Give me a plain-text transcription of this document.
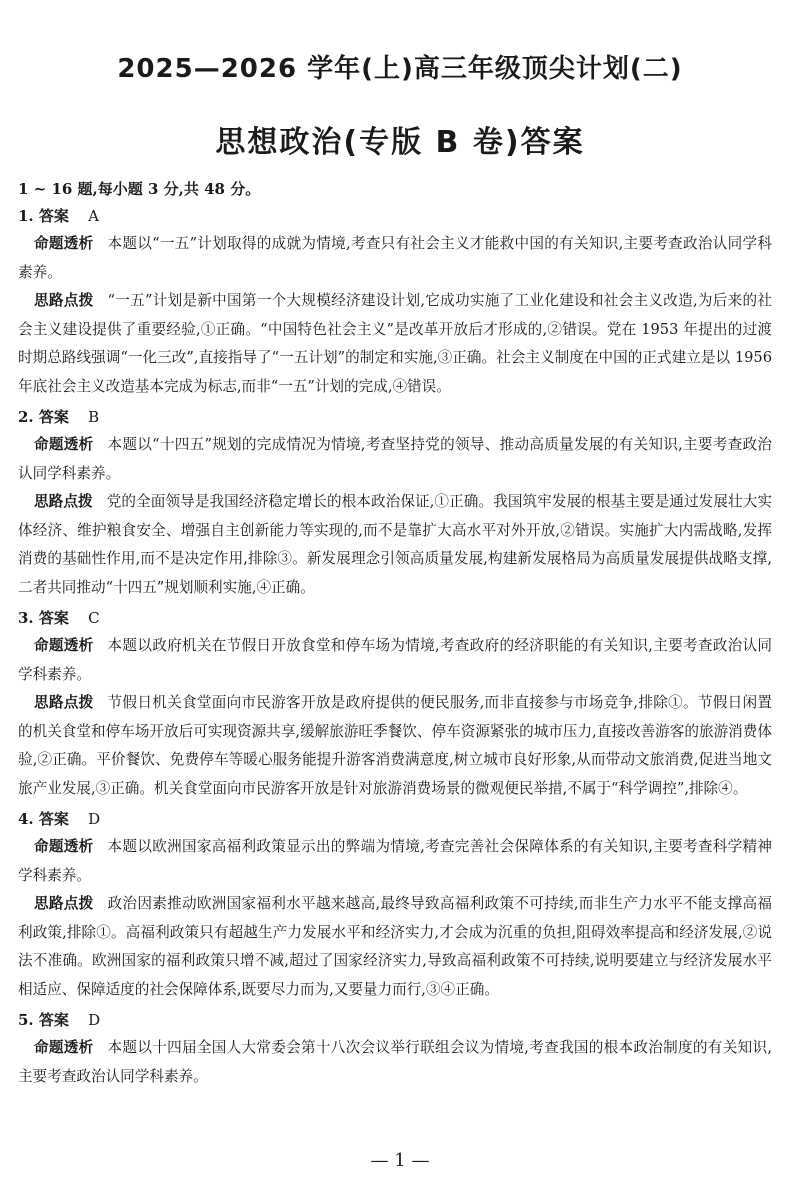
2025—2026 学年(上)高三年级顶尖计划(二)
思想政治(专版 B 卷)答案
1 ~ 16 题,每小题 3 分,共 48 分。
1. 答案 A

命题透析 本题以“一五”计划取得的成就为情境,考查只有社会主义才能救中国的有关知识,主要考查政治认同学科素养。

思路点拨 “一五”计划是新中国第一个大规模经济建设计划,它成功实施了工业化建设和社会主义改造,为后来的社会主义建设提供了重要经验,①正确。“中国特色社会主义”是改革开放后才形成的,②错误。党在 1953 年提出的过渡时期总路线强调“一化三改”,直接指导了“一五计划”的制定和实施,③正确。社会主义制度在中国的正式建立是以 1956 年底社会主义改造基本完成为标志,而非“一五”计划的完成,④错误。

2. 答案 B

命题透析 本题以“十四五”规划的完成情况为情境,考查坚持党的领导、推动高质量发展的有关知识,主要考查政治认同学科素养。

思路点拨 党的全面领导是我国经济稳定增长的根本政治保证,①正确。我国筑牢发展的根基主要是通过发展壮大实体经济、维护粮食安全、增强自主创新能力等实现的,而不是靠扩大高水平对外开放,②错误。实施扩大内需战略,发挥消费的基础性作用,而不是决定作用,排除③。新发展理念引领高质量发展,构建新发展格局为高质量发展提供战略支撑,二者共同推动“十四五”规划顺利实施,④正确。

3. 答案 C

命题透析 本题以政府机关在节假日开放食堂和停车场为情境,考查政府的经济职能的有关知识,主要考查政治认同学科素养。

思路点拨 节假日机关食堂面向市民游客开放是政府提供的便民服务,而非直接参与市场竞争,排除①。节假日闲置的机关食堂和停车场开放后可实现资源共享,缓解旅游旺季餐饮、停车资源紧张的城市压力,直接改善游客的旅游消费体验,②正确。平价餐饮、免费停车等暖心服务能提升游客消费满意度,树立城市良好形象,从而带动文旅消费,促进当地文旅产业发展,③正确。机关食堂面向市民游客开放是针对旅游消费场景的微观便民举措,不属于“科学调控”,排除④。

4. 答案 D

命题透析 本题以欧洲国家高福利政策显示出的弊端为情境,考查完善社会保障体系的有关知识,主要考查科学精神学科素养。

思路点拨 政治因素推动欧洲国家福利水平越来越高,最终导致高福利政策不可持续,而非生产力水平不能支撑高福利政策,排除①。高福利政策只有超越生产力发展水平和经济实力,才会成为沉重的负担,阻碍效率提高和经济发展,②说法不准确。欧洲国家的福利政策只增不减,超过了国家经济实力,导致高福利政策不可持续,说明要建立与经济发展水平相适应、保障适度的社会保障体系,既要尽力而为,又要量力而行,③④正确。

5. 答案 D

命题透析 本题以十四届全国人大常委会第十八次会议举行联组会议为情境,考查我国的根本政治制度的有关知识,主要考查政治认同学科素养。

— 1 —
